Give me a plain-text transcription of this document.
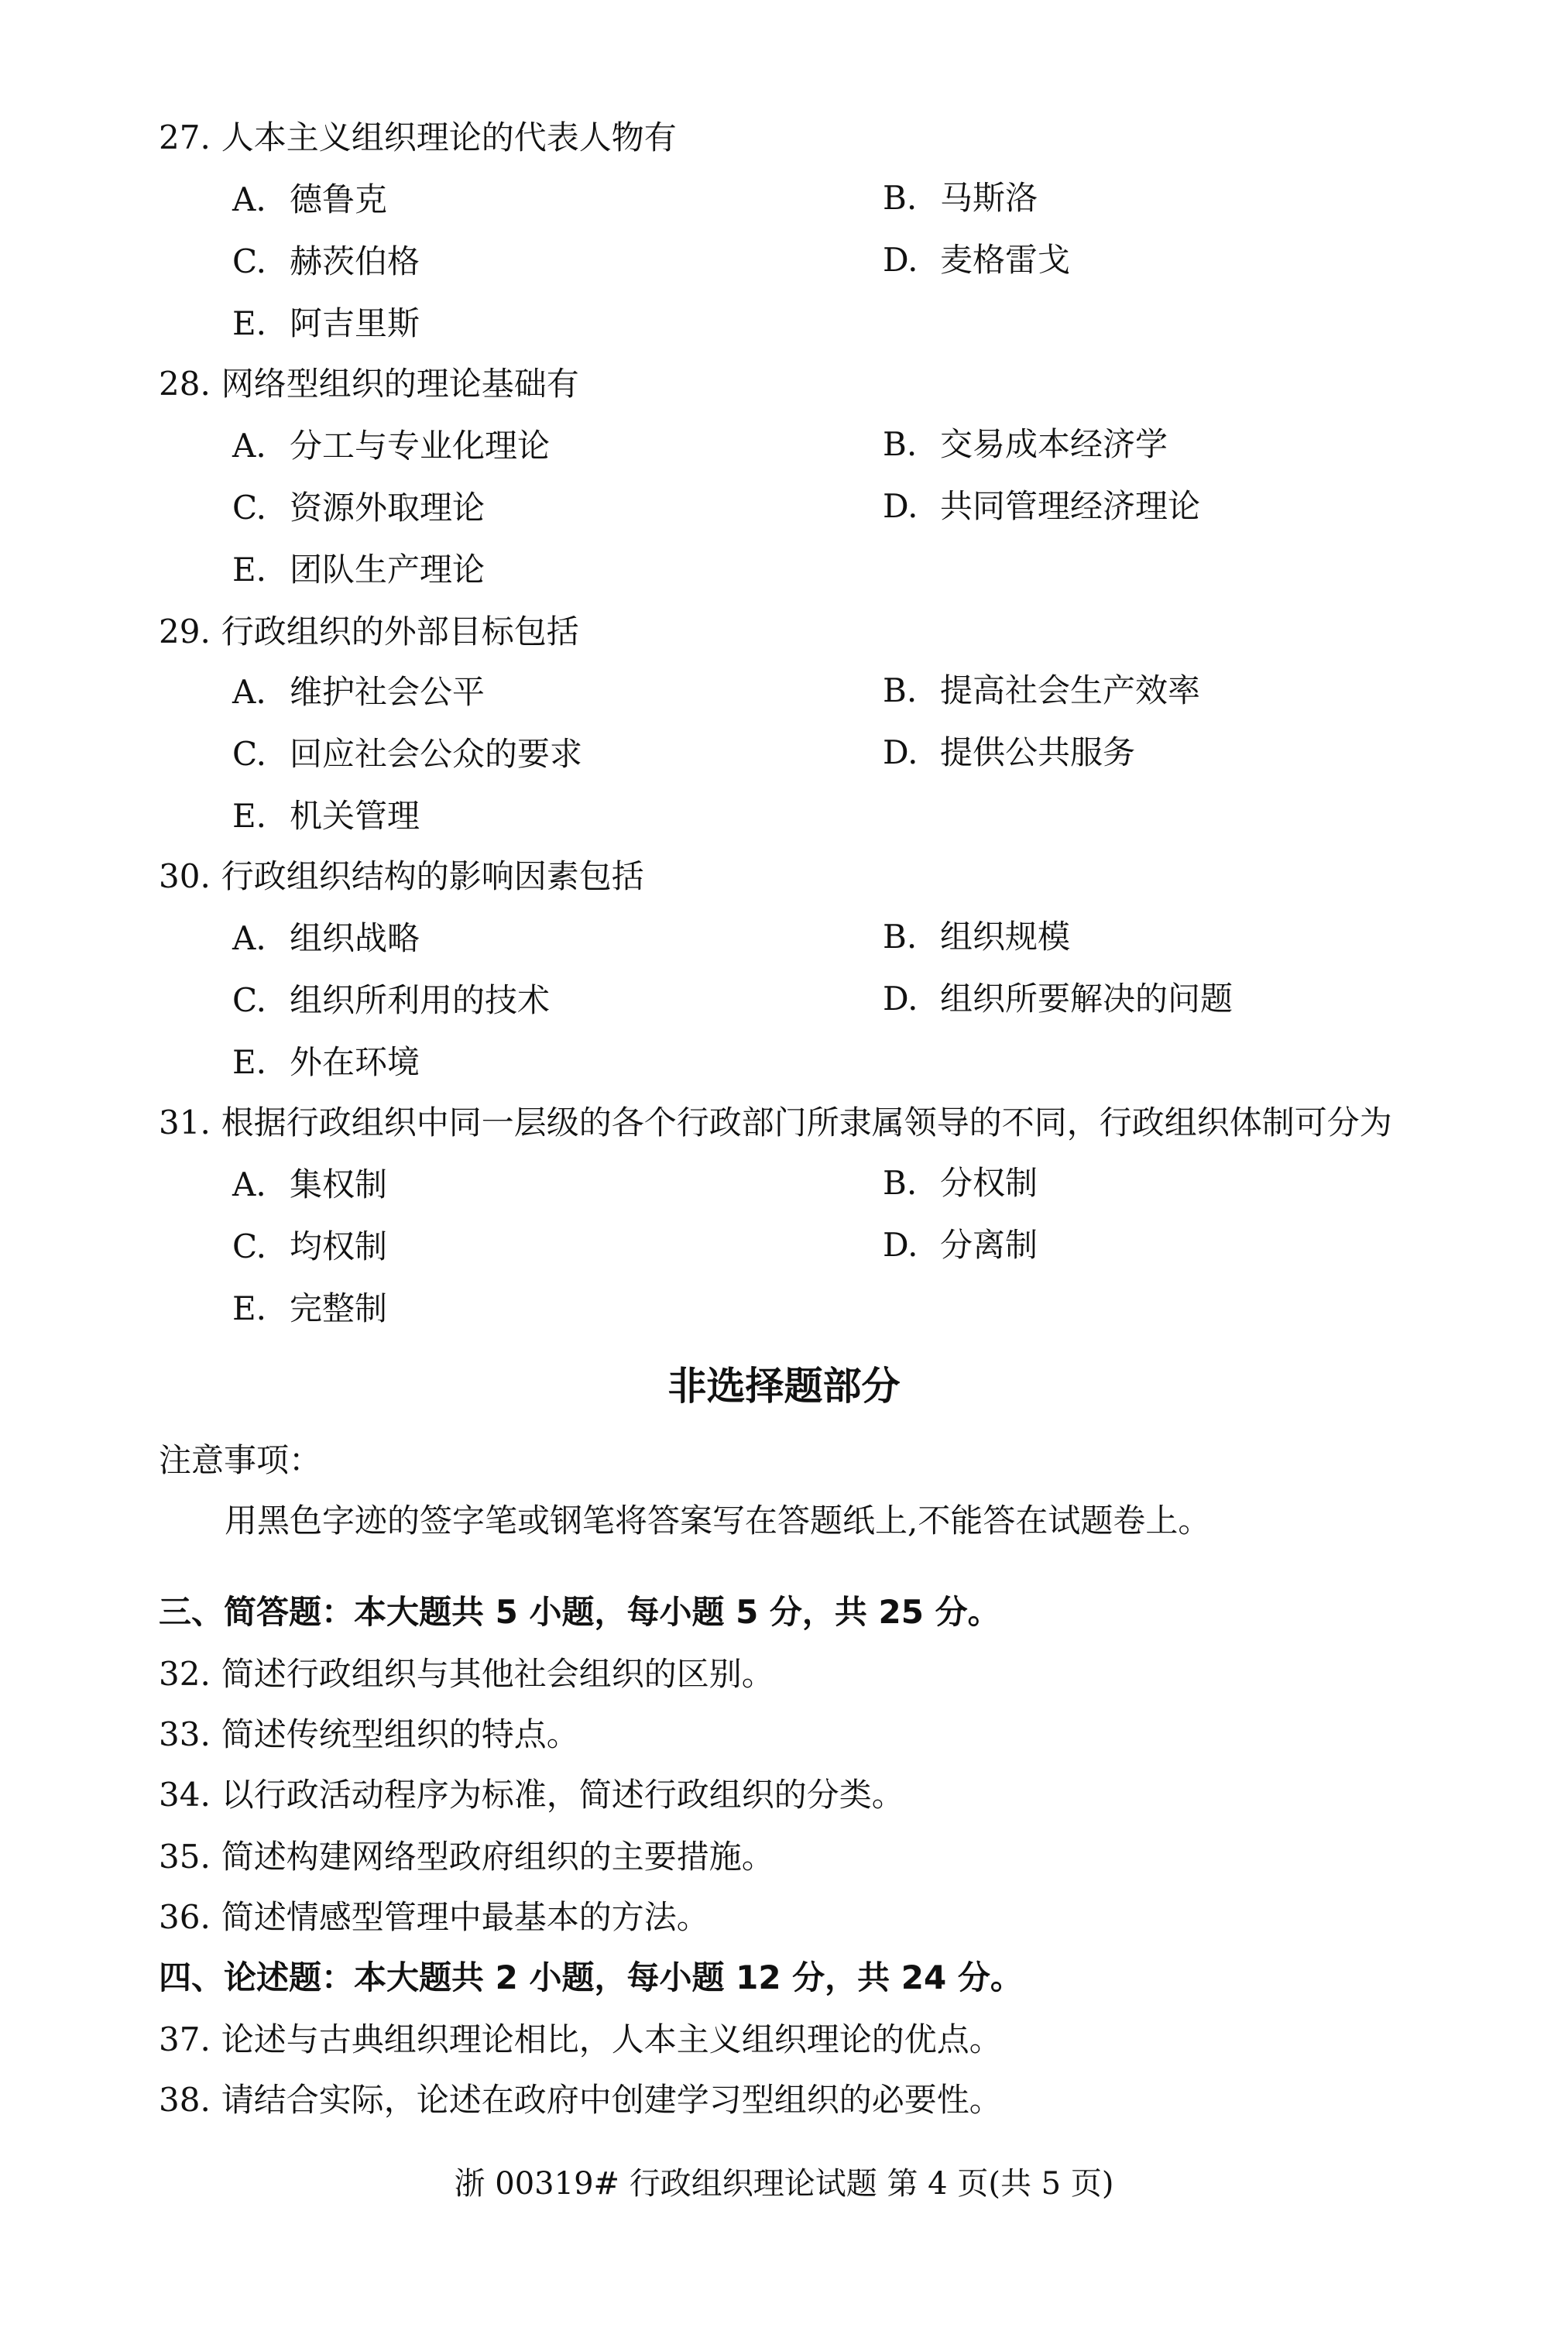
27. 人本主义组织理论的代表人物有
A. 德鲁克	B. 马斯洛
C. 赫茨伯格	D. 麦格雷戈
E. 阿吉里斯
28. 网络型组织的理论基础有
A. 分工与专业化理论	B. 交易成本经济学
C. 资源外取理论	D. 共同管理经济理论
E. 团队生产理论
29. 行政组织的外部目标包括
A. 维护社会公平	B. 提高社会生产效率
C. 回应社会公众的要求	D. 提供公共服务
E. 机关管理
30. 行政组织结构的影响因素包括
A. 组织战略	B. 组织规模
C. 组织所利用的技术	D. 组织所要解决的问题
E. 外在环境
31. 根据行政组织中同一层级的各个行政部门所隶属领导的不同，行政组织体制可分为
A. 集权制	B. 分权制
C. 均权制	D. 分离制
E. 完整制
非选择题部分
注意事项：
用黑色字迹的签字笔或钢笔将答案写在答题纸上,不能答在试题卷上。
三、简答题：本大题共 5 小题，每小题 5 分，共 25 分。
32. 简述行政组织与其他社会组织的区别。
33. 简述传统型组织的特点。
34. 以行政活动程序为标准，简述行政组织的分类。
35. 简述构建网络型政府组织的主要措施。
36. 简述情感型管理中最基本的方法。
四、论述题：本大题共 2 小题，每小题 12 分，共 24 分。
37. 论述与古典组织理论相比，人本主义组织理论的优点。
38. 请结合实际，论述在政府中创建学习型组织的必要性。
浙 00319# 行政组织理论试题 第 4 页(共 5 页)
